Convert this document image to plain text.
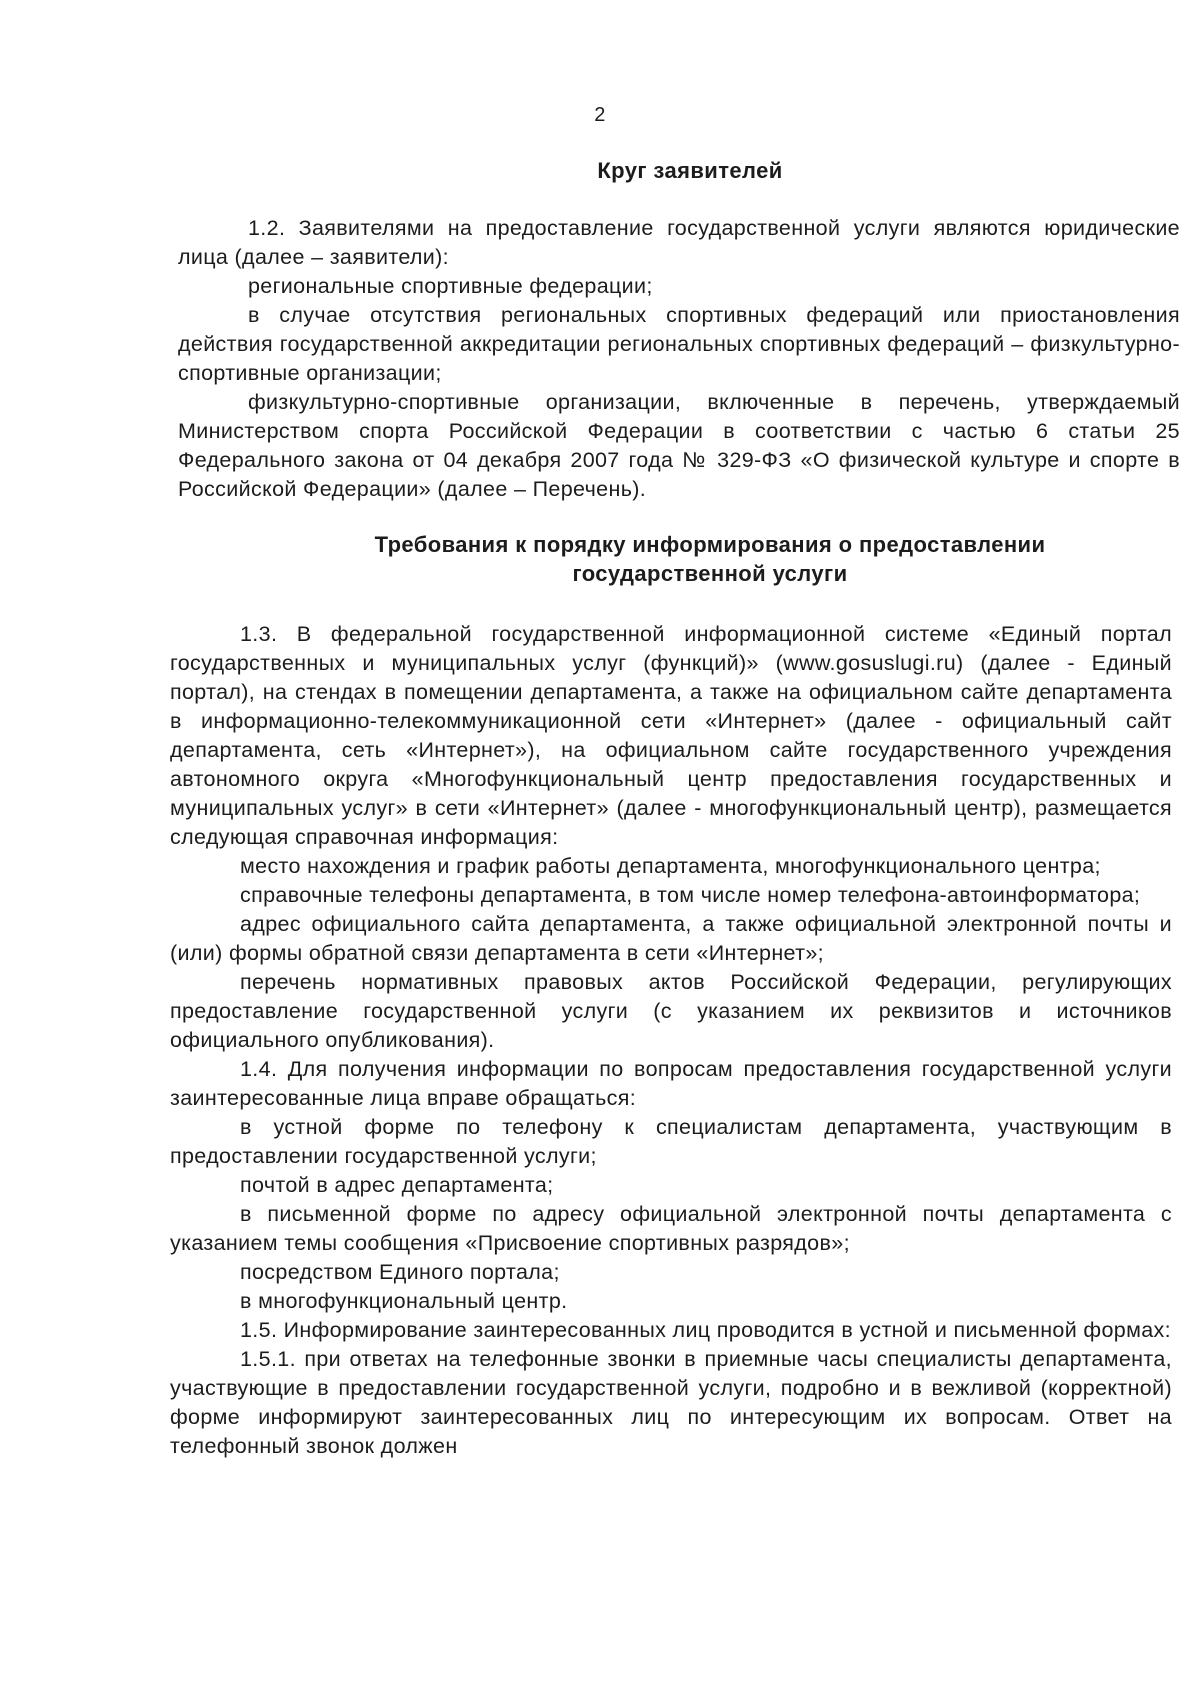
2
Круг заявителей

1.2. Заявителями на предоставление государственной услуги являются юридические лица (далее – заявители):

региональные спортивные федерации;

в случае отсутствия региональных спортивных федераций или приостановления действия государственной аккредитации региональных спортивных федераций – физкультурно-спортивные организации;

физкультурно-спортивные организации, включенные в перечень, утверждаемый Министерством спорта Российской Федерации в соответствии с частью 6 статьи 25 Федерального закона от 04 декабря 2007 года № 329-ФЗ «О физической культуре и спорте в Российской Федерации» (далее – Перечень).

Требования к порядку информирования о предоставлении
государственной услуги

1.3. В федеральной государственной информационной системе «Единый портал государственных и муниципальных услуг (функций)» (www.gosuslugi.ru) (далее - Единый портал), на стендах в помещении департамента, а также на официальном сайте департамента в информационно-телекоммуникационной сети «Интернет» (далее - официальный сайт департамента, сеть «Интернет»), на официальном сайте государственного учреждения автономного округа «Многофункциональный центр предоставления государственных и муниципальных услуг» в сети «Интернет» (далее - многофункциональный центр), размещается следующая справочная информация:

место нахождения и график работы департамента, многофункционального центра;

справочные телефоны департамента, в том числе номер телефона-автоинформатора;

адрес официального сайта департамента, а также официальной электронной почты и (или) формы обратной связи департамента в сети «Интернет»;

перечень нормативных правовых актов Российской Федерации, регулирующих предоставление государственной услуги (с указанием их реквизитов и источников официального опубликования).

1.4. Для получения информации по вопросам предоставления государственной услуги заинтересованные лица вправе обращаться:

в устной форме по телефону к специалистам департамента, участвующим в предоставлении государственной услуги;

почтой в адрес департамента;

в письменной форме по адресу официальной электронной почты департамента с указанием темы сообщения «Присвоение спортивных разрядов»;

посредством Единого портала;

в многофункциональный центр.

1.5. Информирование заинтересованных лиц проводится в устной и письменной формах:

1.5.1. при ответах на телефонные звонки в приемные часы специалисты департамента, участвующие в предоставлении государственной услуги, подробно и в вежливой (корректной) форме информируют заинтересованных лиц по интересующим их вопросам. Ответ на телефонный звонок должен
